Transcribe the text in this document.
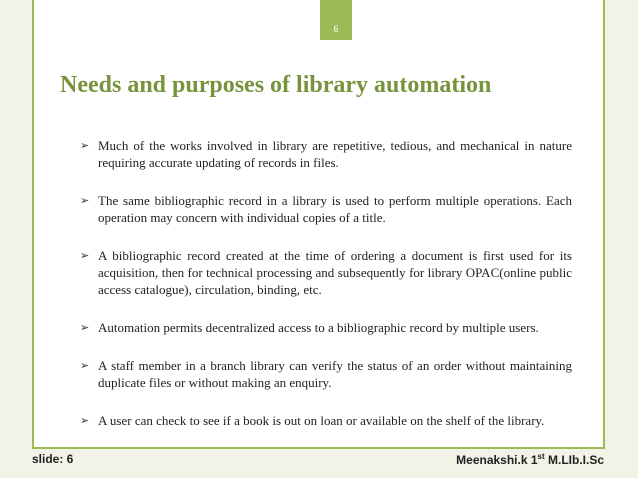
6
Needs and purposes of library automation
➢ Much of the works involved in library are repetitive, tedious, and mechanical in nature requiring accurate updating of records in files.
➢ The same bibliographic record in a library is used to perform multiple operations. Each operation may concern with individual copies of a title.
➢ A bibliographic record created at the time of ordering a document is first used for its acquisition, then for technical processing and subsequently for library OPAC(online public access catalogue), circulation, binding, etc.
➢ Automation permits decentralized access to a bibliographic record by multiple users.
➢ A staff member in a branch library can verify the status of an order without maintaining duplicate files or without making an enquiry.
➢ A user can check to see if a book is out on loan or available on the shelf of the library.
slide: 6	Meenakshi.k 1st M.LIb.I.Sc
